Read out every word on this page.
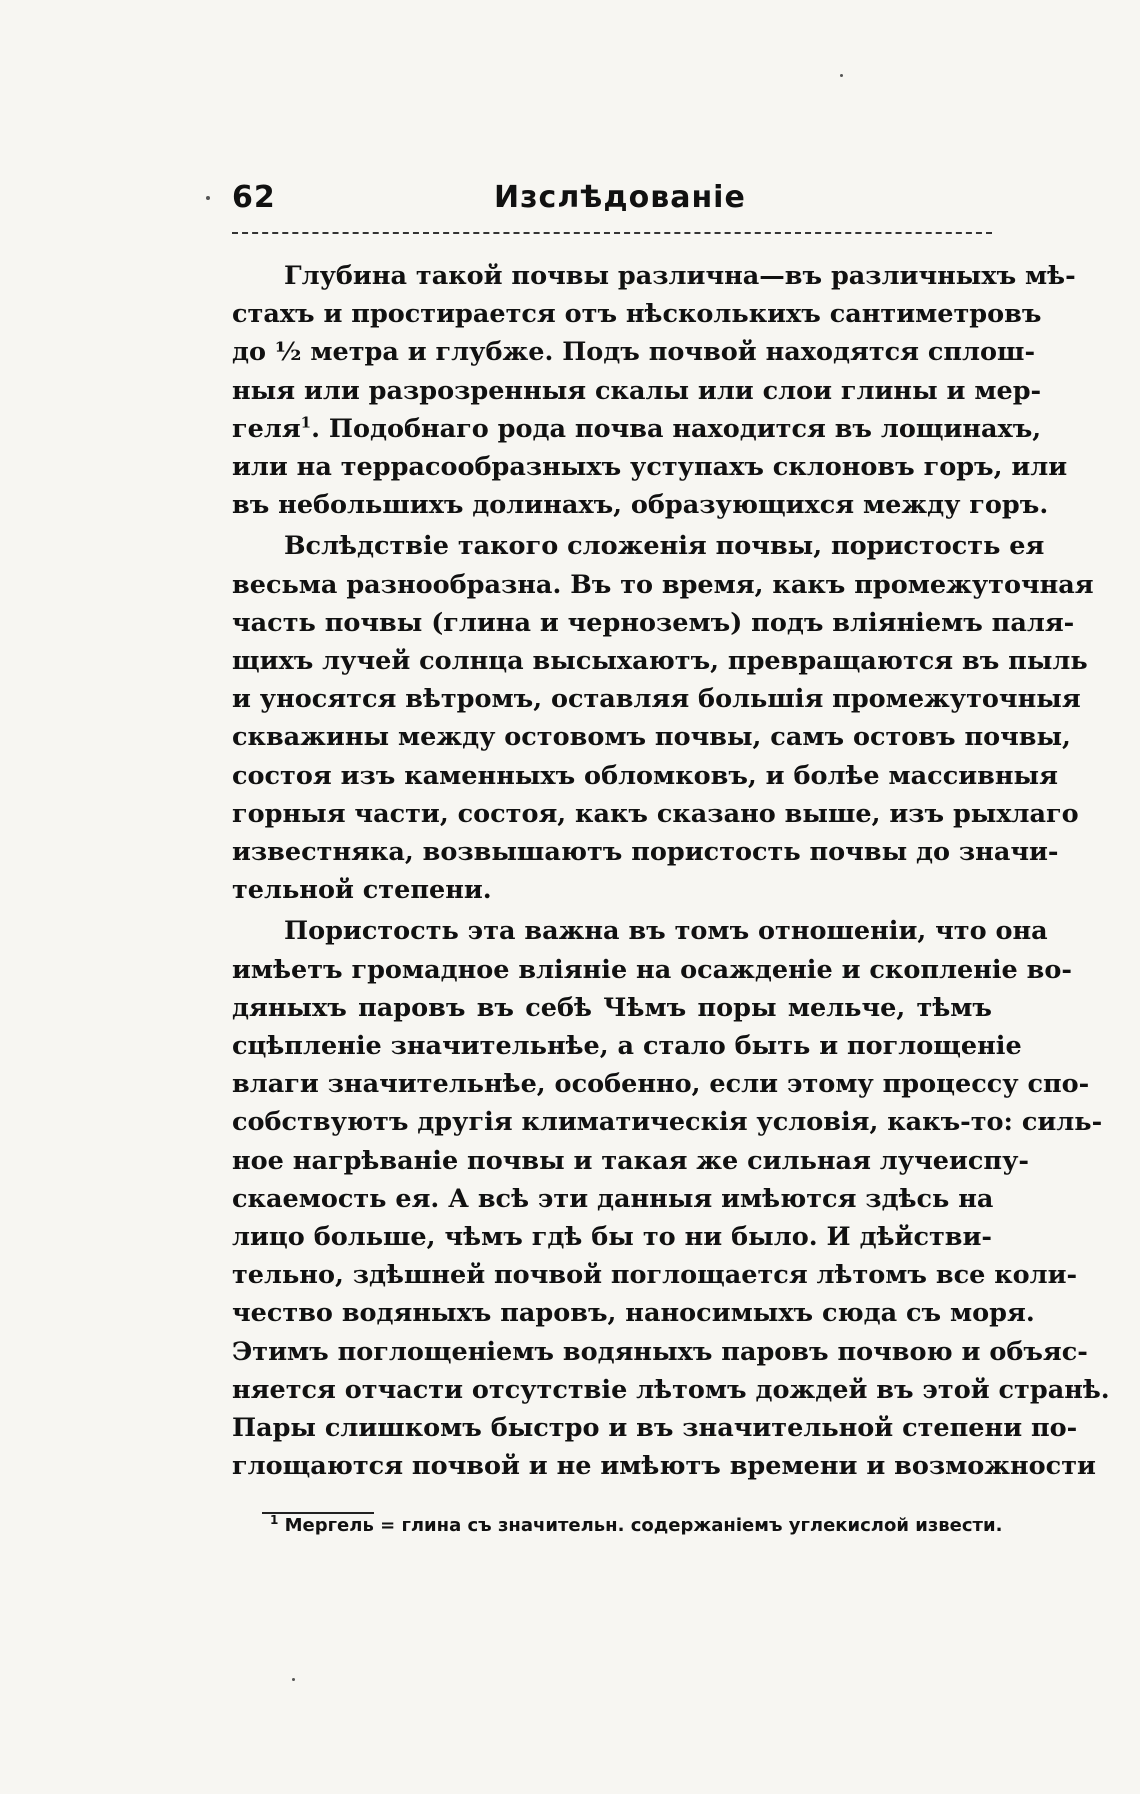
62	Изслѣдованіе
Глубина такой почвы различна—въ различныхъ мѣ-
стахъ и простирается отъ нѣсколькихъ сантиметровъ
до ½ метра и глубже. Подъ почвой находятся сплош-
ныя или разрозренныя скалы или слои глины и мер-
геля$^1$. Подобнаго рода почва находится въ лощинахъ,
или на террасообразныхъ уступахъ склоновъ горъ, или
въ небольшихъ долинахъ, образующихся между горъ.
Вслѣдствіе такого сложенія почвы, пористость ея
весьма разнообразна. Въ то время, какъ промежуточная
часть почвы (глина и черноземъ) подъ вліяніемъ паля-
щихъ лучей солнца высыхаютъ, превращаются въ пыль
и уносятся вѣтромъ, оставляя большія промежуточныя
скважины между остовомъ почвы, самъ остовъ почвы,
состоя изъ каменныхъ обломковъ, и болѣе массивныя
горныя части, состоя, какъ сказано выше, изъ рыхлаго
известняка, возвышаютъ пористость почвы до значи-
тельной степени.
Пористость эта важна въ томъ отношеніи, что она
имѣетъ громадное вліяніе на осажденіе и скопленіе во-
дяныхъ паровъ въ себѣ Чѣмъ поры мельче, тѣмъ
сцѣпленіе значительнѣе, а стало быть и поглощеніе
влаги значительнѣе, особенно, если этому процессу спо-
собствуютъ другія климатическія условія, какъ-то: силь-
ное нагрѣваніе почвы и такая же сильная лучеиспу-
скаемость ея. А всѣ эти данныя имѣются здѣсь на
лицо больше, чѣмъ гдѣ бы то ни было. И дѣйстви-
тельно, здѣшней почвой поглощается лѣтомъ все коли-
чество водяныхъ паровъ, наносимыхъ сюда съ моря.
Этимъ поглощеніемъ водяныхъ паровъ почвою и объяс-
няется отчасти отсутствіе лѣтомъ дождей въ этой странѣ.
Пары слишкомъ быстро и въ значительной степени по-
глощаются почвой и не имѣютъ времени и возможности
$^1$ Мергель = глина съ значительн. содержаніемъ углекислой извести.
